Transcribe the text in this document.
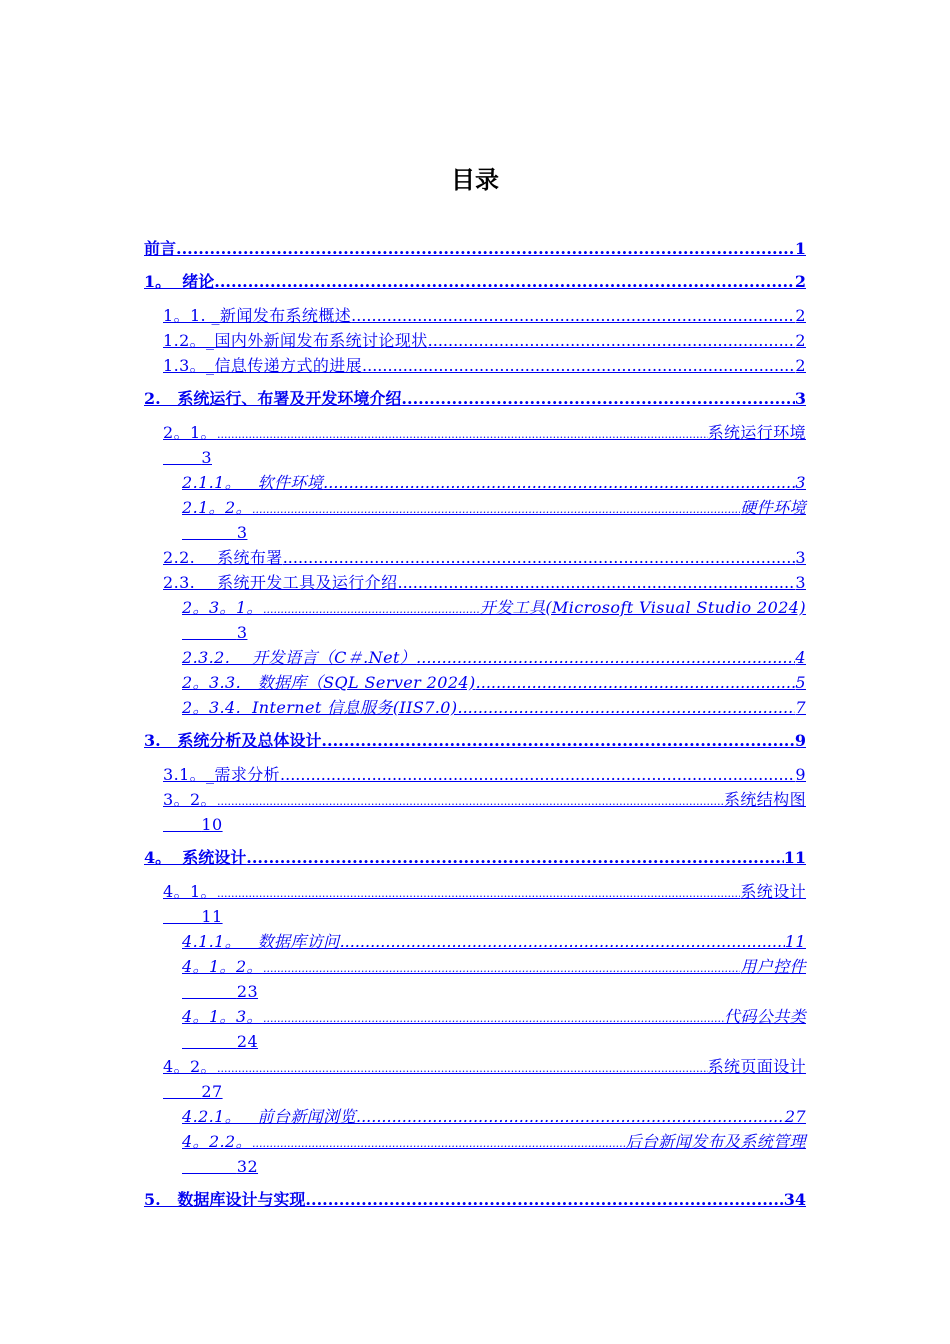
目录
前言 .....	1
1。  绪论 .....	2
1。1. _新闻发布系统概述 .....	2
1.2。_国内外新闻发布系统讨论现状 .....	2
1.3。_信息传递方式的进展 .....	2
2.   系统运行、布署及开发环境介绍 .....	3
2。1。 .....	系统运行环境
3
2.1.1。   软件环境 .....	3
2.1。2。 .....	硬件环境
3
2.2.    系统布署 .....	3
2.3.    系统开发工具及运行介绍 .....	3
2。3。1。 .....	开发工具(Microsoft Visual Studio 2024)
3
2.3.2.    开发语言（C＃.Net） .....	4
2。3.3.   数据库（SQL Server 2024) .....	5
2。3.4.  Internet 信息服务(IIS7.0) .....	7
3.   系统分析及总体设计 .....	9
3.1。_需求分析 .....	9
3。2。 .....	系统结构图
10
4。  系统设计 .....	11
4。1。 .....	系统设计
11
4.1.1。   数据库访问 .....	11
4。1。2。 .....	用户控件
23
4。1。3。 .....	代码公共类
24
4。2。 .....	系统页面设计
27
4.2.1。   前台新闻浏览 .....	27
4。2.2。 .....	后台新闻发布及系统管理
32
5.   数据库设计与实现 .....	34
